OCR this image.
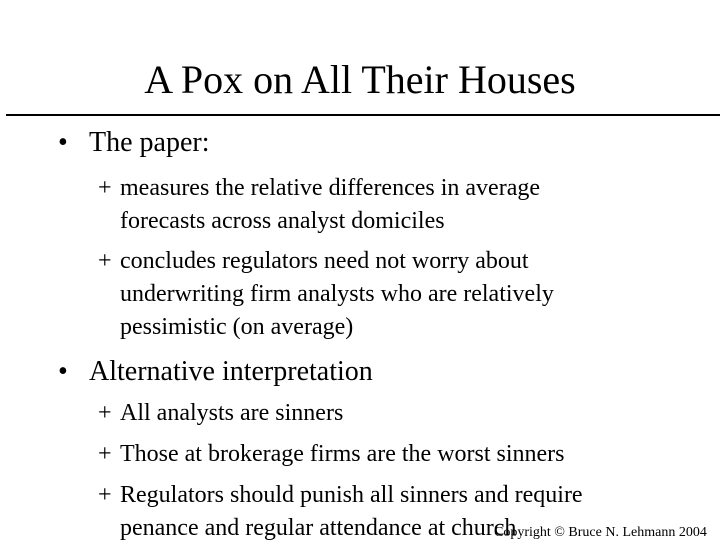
A Pox on All Their Houses
• The paper:
+ measures the relative differences in average
forecasts across analyst domiciles
+ concludes regulators need not worry about
underwriting firm analysts who are relatively
pessimistic (on average)
• Alternative interpretation
+ All analysts are sinners
+ Those at brokerage firms are the worst sinners
+ Regulators should punish all sinners and require
penance and regular attendance at church
Copyright © Bruce N. Lehmann 2004
